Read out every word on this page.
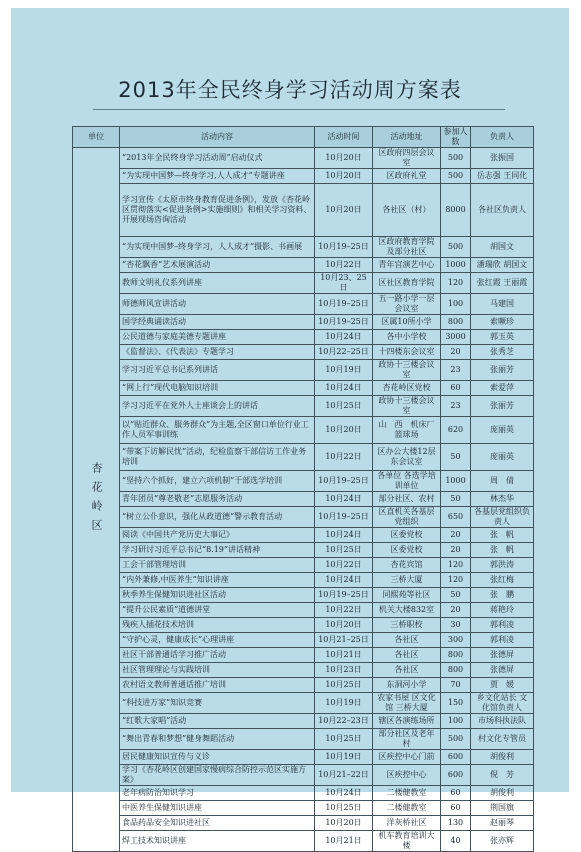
2013年全民终身学习活动周方案表
单位	活动内容	活动时间	活动地址	参加人数	负责人
杏花岭区	“2013年全民终身学习活动周”启动仪式	10月20日	区政府四层会议室	500	张振国
	“为实现中国梦—终身学习,人人成才”专题讲座	10月20日	区政府礼堂	500	岳志强 王同化
	学习宣传《太原市终身教育促进条例》，发放《杏花岭区贯彻落实<促进条例>实施细则》和相关学习资料、开展现场咨询活动	10月20日	各社区（村）	8000	各社区负责人
	“为实现中国梦–终身学习，人人成才”摄影、书画展	10月19–25日	区政府教育学院及部分社区	500	胡国文
	“杏花飘香”艺术展演活动	10月22日	青年宫演艺中心	1000	潘瑞欣 胡国文
	教师文明礼仪系列讲座	10月23、25日	区社区教育学院	120	张红霞 王丽霞
	师德师风宣讲活动	10月19–25日	五一路小学一层会议室	100	马建国
	国学经典诵读活动	10月19–25日	区属10所小学	800	索噘珍
	公民道德与家庭美德专题讲座	10月24日	各中小学校	3000	郭玉英
	《监督法》、《代表法》专题学习	10月22–25日	十四楼东会议室	20	张秀芝
	学习习近平总书记系列讲话	10月19日	政协十三楼会议室	23	张丽芳
	“网上行”现代电脑知识培训	10月24日	杏花岭区党校	60	索爱萍
	学习习近平在党外人士座谈会上的讲话	10月25日	政协十三楼会议室	23	张丽芳
	以“贴近群众、服务群众”为主题,全区窗口单位行业工作人员军事训练	10月20日	山　西　机床厂篮球场	620	庞丽英
	“带案下访解民忧”活动，纪检监察干部信访工作业务培训	10月22日	区办公大楼12层东会议室	50	庞丽英
	“坚持六个抓好，建立六项机制”干部选学培训	10月19–25日	各单位 各选学培训单位	1000	周　倩
	青年团员“尊老敬老”志愿服务活动	10月24日	部分社区、农村	50	林杰华
	“树立公仆意识，强化从政道德”警示教育活动	10月19–25日	区直机关各基层党组织	650	各基层党组织负责人
	阅读《中国共产党历史大事记》	10月24日	区委党校	20	张　帆
	学习研讨习近平总书记“8.19”讲话精神	10月25日	区委党校	20	张　帆
	工会干部管理培训	10月22日	杏花宾馆	120	郭洪涛
	“内外兼修,中医养生”知识讲座	10月24日	三桥大厦	120	张红梅
	秋季养生保健知识进社区活动	10月19–25日	同熙苑等社区	50	张　鹏
	“提升公民素质”道德讲堂	10月22日	机关大楼832室	20	蒋艳玲
	残疾人插花技术培训	10月20日	三桥职校	30	郭利凌
	“守护心灵，健康成长”心理讲座	10月21–25日	各社区	300	郭利凌
	社区干部普通话学习推广活动	10月21日	各社区	800	张德屏
	社区管理理论与实践培训	10月23日	各社区	800	张德屏
	农村语文教师普通话推广培训	10月25日	东洞河小学	70	贾　媛
	“科技进万家”知识竞赛	10月19日	农家书屋 区文化馆 三桥大厦	150	乡文化站长 文化馆负责人
	“红歌大家唱”活动	10月22–23日	辖区各演练场所	100	市场科执法队
	“舞出青春和梦想”健身舞蹈活动	10月25日	部分社区及老年村	500	村文化专管员
	居民健康知识宣传与义诊	10月19日	区疾控中心门前	600	胡俊利
	学习《杏花岭区创建国家慢病综合防控示范区实施方案》	10月21–22日	区疾控中心	600	倪　芳
	老年病防治知识学习	10月24日	二楼健教室	60	胡俊利
	中医养生保健知识讲座	10月25日	二楼健教室	60	荆国旗
	食品药品安全知识进社区	10月20日	洋灰桥社区	130	赵丽琴
	焊工技术知识讲座	10月21日	机车教育培训大楼	40	张亦辉
